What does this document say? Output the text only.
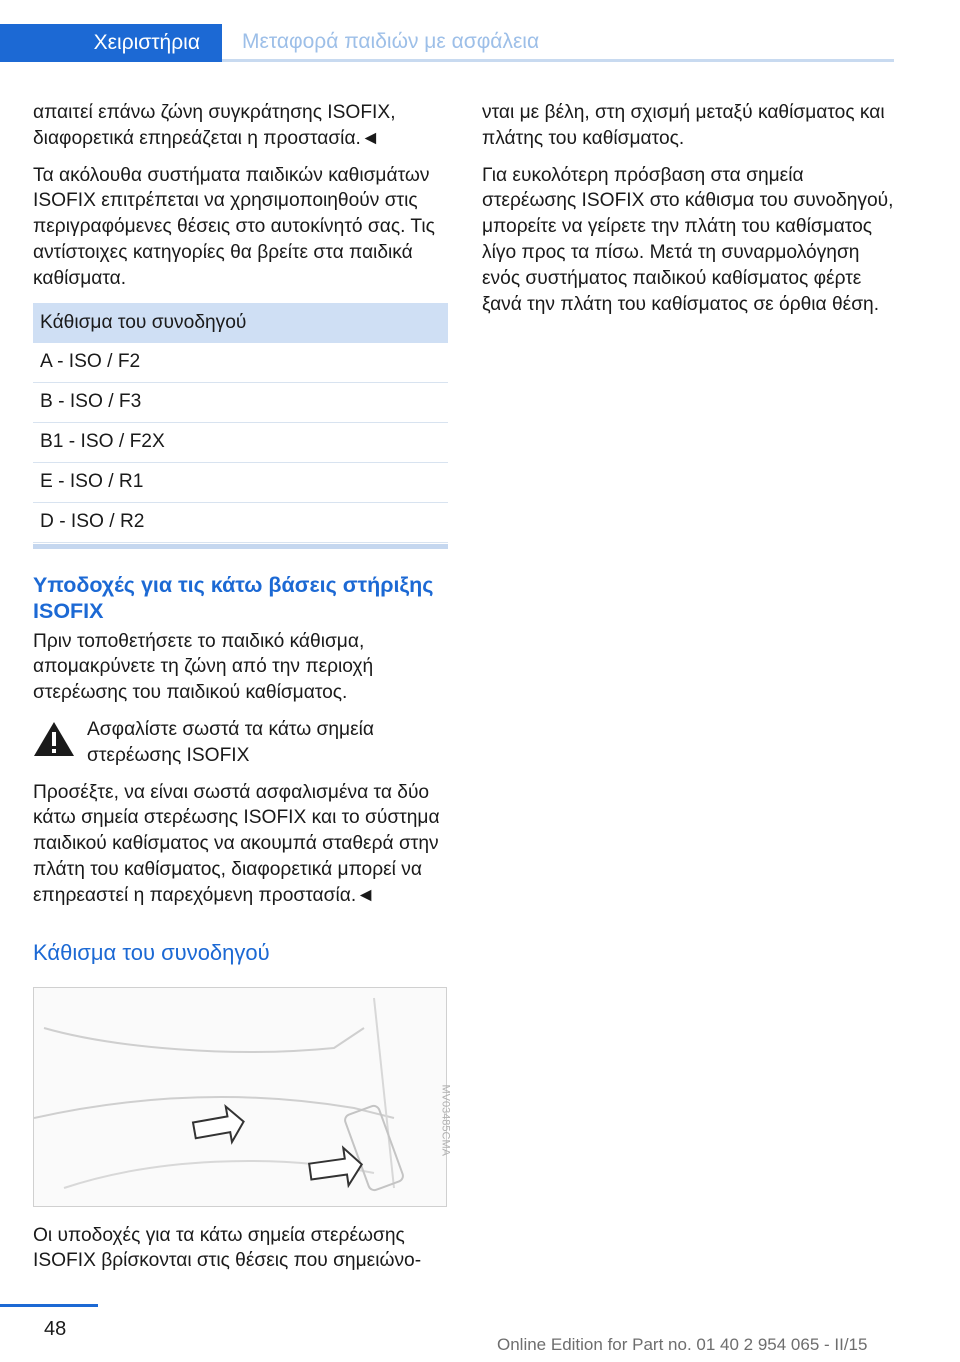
Χειριστήρια	Μεταφορά παιδιών με ασφάλεια

απαιτεί επάνω ζώνη συγκράτησης ISOFIX, διαφορετικά επηρεάζεται η προστασία.◄

Τα ακόλουθα συστήματα παιδικών καθισμάτων ISOFIX επιτρέπεται να χρησιμοποιηθούν στις περιγραφόμενες θέσεις στο αυτοκίνητό σας. Τις αντίστοιχες κατηγορίες θα βρείτε στα παιδικά καθίσματα.

Κάθισμα του συνοδηγού
A - ISO / F2
B - ISO / F3
B1 - ISO / F2X
E - ISO / R1
D - ISO / R2
Υποδοχές για τις κάτω βάσεις στήριξης ISOFIX

Πριν τοποθετήσετε το παιδικό κάθισμα, απομακρύνετε τη ζώνη από την περιοχή στερέωσης του παιδικού καθίσματος.

Ασφαλίστε σωστά τα κάτω σημεία στερέωσης ISOFIX

Προσέξτε, να είναι σωστά ασφαλισμένα τα δύο κάτω σημεία στερέωσης ISOFIX και το σύστημα παιδικού καθίσματος να ακουμπά σταθερά στην πλάτη του καθίσματος, διαφορετικά μπορεί να επηρεαστεί η παρεχόμενη προστασία.◄

Κάθισμα του συνοδηγού
MV03485CMA

Οι υποδοχές για τα κάτω σημεία στερέωσης ISOFIX βρίσκονται στις θέσεις που σημειώνο-

νται με βέλη, στη σχισμή μεταξύ καθίσματος και πλάτης του καθίσματος.

Για ευκολότερη πρόσβαση στα σημεία στερέωσης ISOFIX στο κάθισμα του συνοδηγού, μπορείτε να γείρετε την πλάτη του καθίσματος λίγο προς τα πίσω. Μετά τη συναρμολόγηση ενός συστήματος παιδικού καθίσματος φέρτε ξανά την πλάτη του καθίσματος σε όρθια θέση.

48
Online Edition for Part no. 01 40 2 954 065 - II/15
